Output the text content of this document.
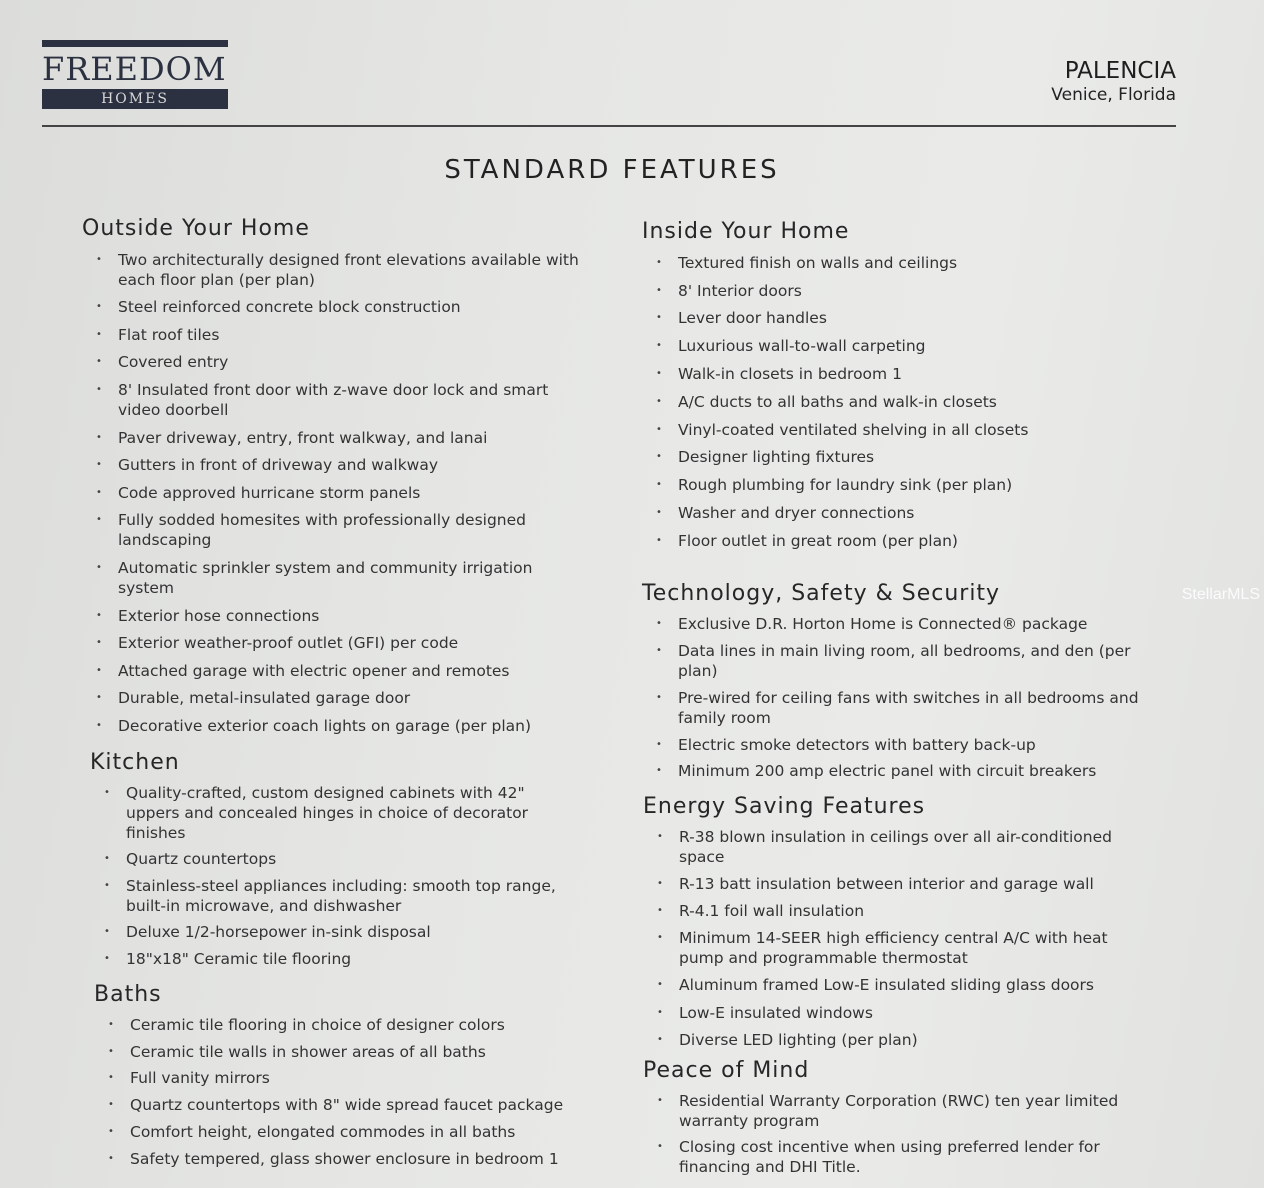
FREEDOM
HOMES
PALENCIA
Venice, Florida
STANDARD FEATURES
StellarMLS
Outside Your Home
• Two architecturally designed front elevations available with each floor plan (per plan)
• Steel reinforced concrete block construction
• Flat roof tiles
• Covered entry
• 8' Insulated front door with z-wave door lock and smart video doorbell
• Paver driveway, entry, front walkway, and lanai
• Gutters in front of driveway and walkway
• Code approved hurricane storm panels
• Fully sodded homesites with professionally designed landscaping
• Automatic sprinkler system and community irrigation system
• Exterior hose connections
• Exterior weather-proof outlet (GFI) per code
• Attached garage with electric opener and remotes
• Durable, metal-insulated garage door
• Decorative exterior coach lights on garage (per plan)
Kitchen
• Quality-crafted, custom designed cabinets with 42" uppers and concealed hinges in choice of decorator finishes
• Quartz countertops
• Stainless-steel appliances including: smooth top range, built-in microwave, and dishwasher
• Deluxe 1/2-horsepower in-sink disposal
• 18"x18" Ceramic tile flooring
Baths
• Ceramic tile flooring in choice of designer colors
• Ceramic tile walls in shower areas of all baths
• Full vanity mirrors
• Quartz countertops with 8" wide spread faucet package
• Comfort height, elongated commodes in all baths
• Safety tempered, glass shower enclosure in bedroom 1
Inside Your Home
• Textured finish on walls and ceilings
• 8' Interior doors
• Lever door handles
• Luxurious wall-to-wall carpeting
• Walk-in closets in bedroom 1
• A/C ducts to all baths and walk-in closets
• Vinyl-coated ventilated shelving in all closets
• Designer lighting fixtures
• Rough plumbing for laundry sink (per plan)
• Washer and dryer connections
• Floor outlet in great room (per plan)
Technology, Safety & Security
• Exclusive D.R. Horton Home is Connected® package
• Data lines in main living room, all bedrooms, and den (per plan)
• Pre-wired for ceiling fans with switches in all bedrooms and family room
• Electric smoke detectors with battery back-up
• Minimum 200 amp electric panel with circuit breakers
Energy Saving Features
• R-38 blown insulation in ceilings over all air-conditioned space
• R-13 batt insulation between interior and garage wall
• R-4.1 foil wall insulation
• Minimum 14-SEER high efficiency central A/C with heat pump and programmable thermostat
• Aluminum framed Low-E insulated sliding glass doors
• Low-E insulated windows
• Diverse LED lighting (per plan)
Peace of Mind
• Residential Warranty Corporation (RWC) ten year limited warranty program
• Closing cost incentive when using preferred lender for financing and DHI Title.
